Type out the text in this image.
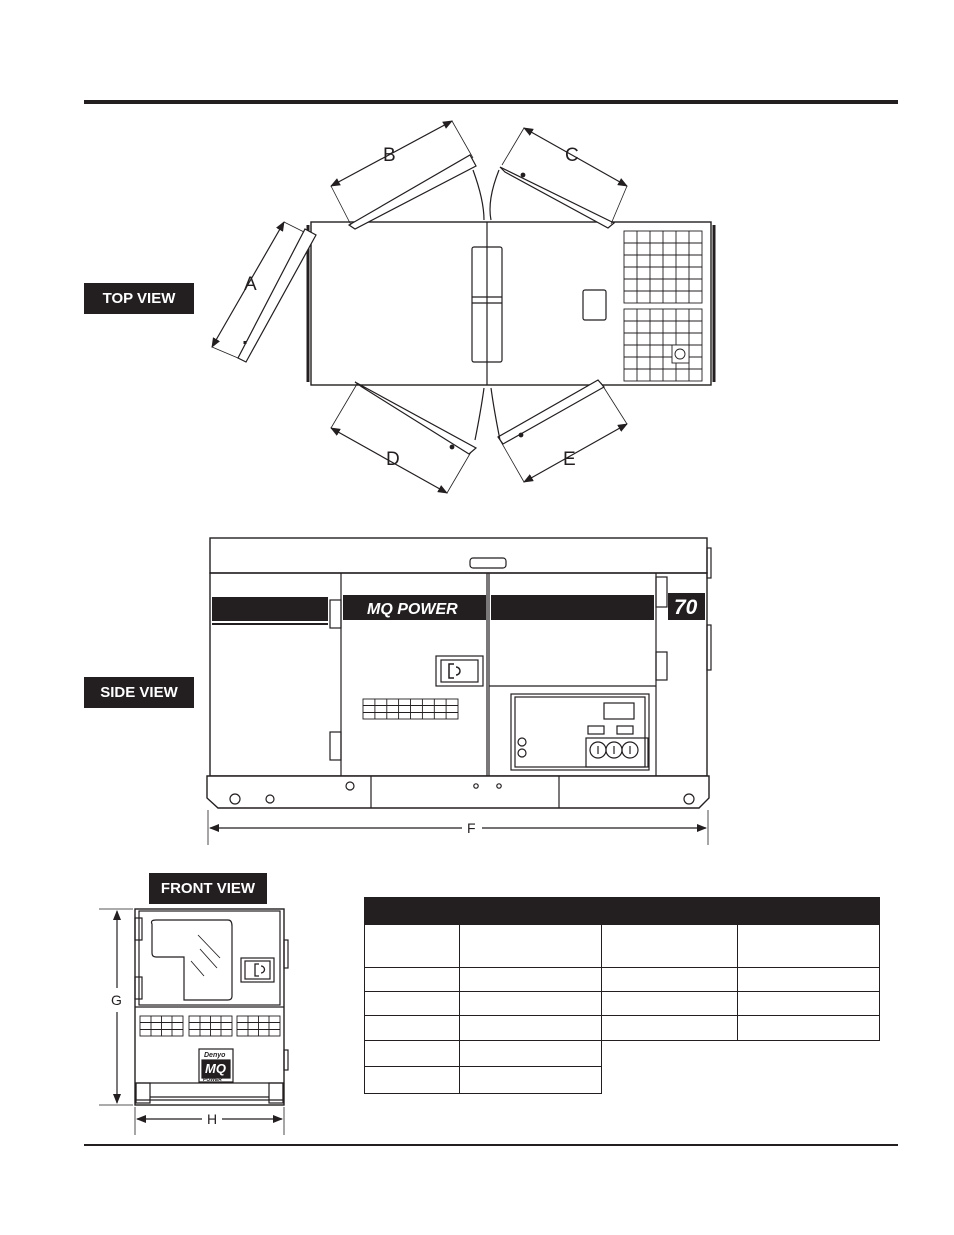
TOP VIEW
SIDE VIEW
FRONT VIEW
A
B	C
D	E
MQ POWER	70
F
Denyo
MQ
POWER
G
H
